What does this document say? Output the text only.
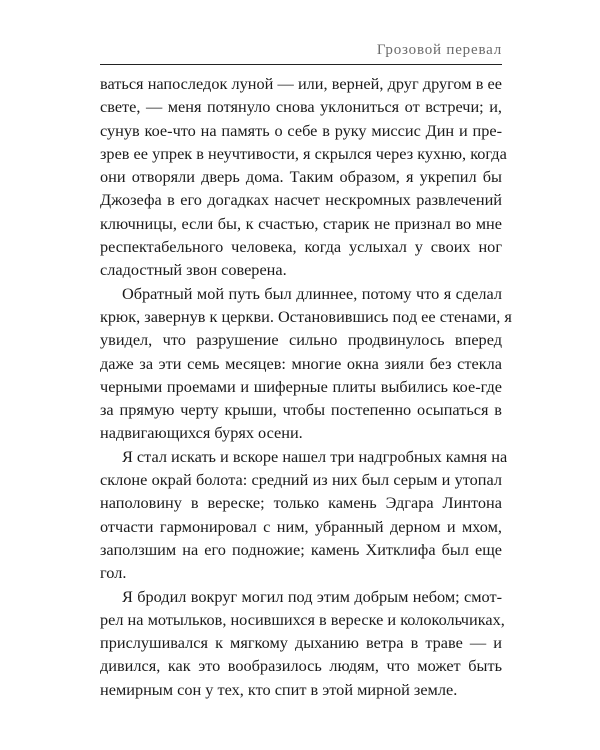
Грозовой перевал
ваться напоследок луной — или, верней, друг другом в ее
свете, — меня потянуло снова уклониться от встречи; и,
сунув кое-что на память о себе в руку миссис Дин и пре-
зрев ее упрек в неучтивости, я скрылся через кухню, когда
они отворяли дверь дома. Таким образом, я укрепил бы
Джозефа в его догадках насчет нескромных развлечений
ключницы, если бы, к счастью, старик не признал во мне
респектабельного человека, когда услыхал у своих ног
сладостный звон соверена.
Обратный мой путь был длиннее, потому что я сделал
крюк, завернув к церкви. Остановившись под ее стенами, я
увидел, что разрушение сильно продвинулось вперед
даже за эти семь месяцев: многие окна зияли без стекла
черными проемами и шиферные плиты выбились кое-где
за прямую черту крыши, чтобы постепенно осыпаться в
надвигающихся бурях осени.
Я стал искать и вскоре нашел три надгробных камня на
склоне окрай болота: средний из них был серым и утопал
наполовину в вереске; только камень Эдгара Линтона
отчасти гармонировал с ним, убранный дерном и мхом,
заползшим на его подножие; камень Хитклифа был еще
гол.
Я бродил вокруг могил под этим добрым небом; смот-
рел на мотыльков, носившихся в вереске и колокольчиках,
прислушивался к мягкому дыханию ветра в траве — и
дивился, как это вообразилось людям, что может быть
немирным сон у тех, кто спит в этой мирной земле.
